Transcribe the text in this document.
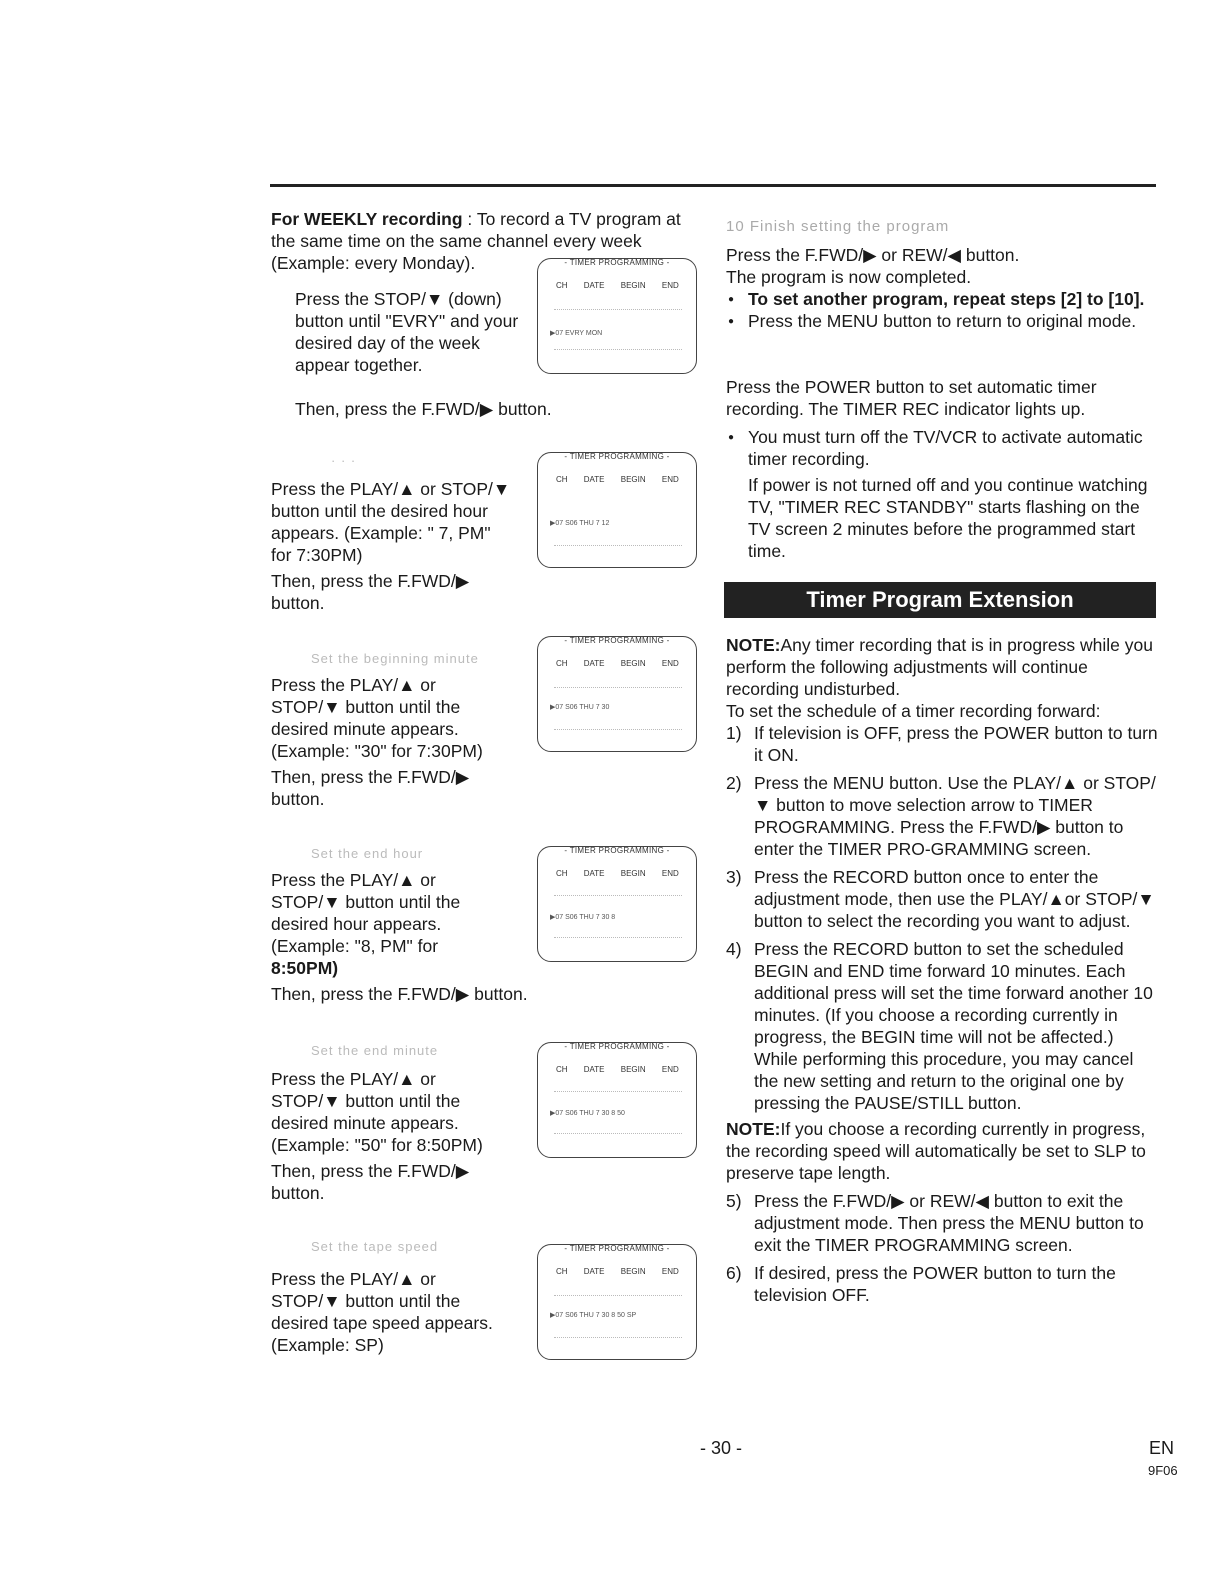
For WEEKLY recording : To record a TV program at the same time on the same channel every week (Example: every Monday).

Press the STOP/▼ (down) button until "EVRY" and your desired day of the week appear together.

Then, press the F.FWD/▶ button.

- TIMER PROGRAMMING -
CH DATE BEGIN END
▶07 EVRY MON
- TIMER PROGRAMMING -
CH DATE BEGIN END
▶07 S06 THU 7 12
- TIMER PROGRAMMING -
CH DATE BEGIN END
▶07 S06 THU 7 30
- TIMER PROGRAMMING -
CH DATE BEGIN END
▶07 S06 THU 7 30 8
- TIMER PROGRAMMING -
CH DATE BEGIN END
▶07 S06 THU 7 30 8 50
- TIMER PROGRAMMING -
CH DATE BEGIN END
▶07 S06 THU 7 30 8 50 SP
· · ·

Press the PLAY/▲ or STOP/▼

button until the desired hour

appears. (Example: " 7, PM"

for 7:30PM)

Then, press the F.FWD/▶

button.

Set the beginning minute

Press the PLAY/▲ or

STOP/▼ button until the

desired minute appears.

(Example: "30" for 7:30PM)

Then, press the F.FWD/▶

button.

Set the end hour

Press the PLAY/▲ or

STOP/▼ button until the

desired hour appears.

(Example: "8, PM" for

8:50PM)

Then, press the F.FWD/▶ button.

Set the end minute

Press the PLAY/▲ or

STOP/▼ button until the

desired minute appears.

(Example: "50" for 8:50PM)

Then, press the F.FWD/▶

button.

Set the tape speed

Press the PLAY/▲ or

STOP/▼ button until the

desired tape speed appears.

(Example: SP)

10 Finish setting the program

Press the F.FWD/▶ or REW/◀ button.

The program is now completed.

● To set another program, repeat steps [2] to [10].
● Press the MENU button to return to original mode.

Press the POWER button to set automatic timer recording. The TIMER REC indicator lights up.

● You must turn off the TV/VCR to activate automatic timer recording.

If power is not turned off and you continue watching TV, "TIMER REC STANDBY" starts flashing on the TV screen 2 minutes before the programmed start time.

Timer Program Extension

NOTE:Any timer recording that is in progress while you perform the following adjustments will continue recording undisturbed.

To set the schedule of a timer recording forward:

1) If television is OFF, press the POWER button to turn it ON.
2) Press the MENU button. Use the PLAY/▲ or STOP/▼ button to move selection arrow to TIMER PROGRAMMING. Press the F.FWD/▶ button to enter the TIMER PRO-GRAMMING screen.
3) Press the RECORD button once to enter the adjustment mode, then use the PLAY/▲or STOP/▼ button to select the recording you want to adjust.
4) Press the RECORD button to set the scheduled BEGIN and END time forward 10 minutes. Each additional press will set the time forward another 10 minutes. (If you choose a recording currently in progress, the BEGIN time will not be affected.) While performing this procedure, you may cancel the new setting and return to the original one by pressing the PAUSE/STILL button.

NOTE:If you choose a recording currently in progress, the recording speed will automatically be set to SLP to preserve tape length.

5) Press the F.FWD/▶ or REW/◀ button to exit the adjustment mode. Then press the MENU button to exit the TIMER PROGRAMMING screen.
6) If desired, press the POWER button to turn the television OFF.
- 30 -	EN
9F06
